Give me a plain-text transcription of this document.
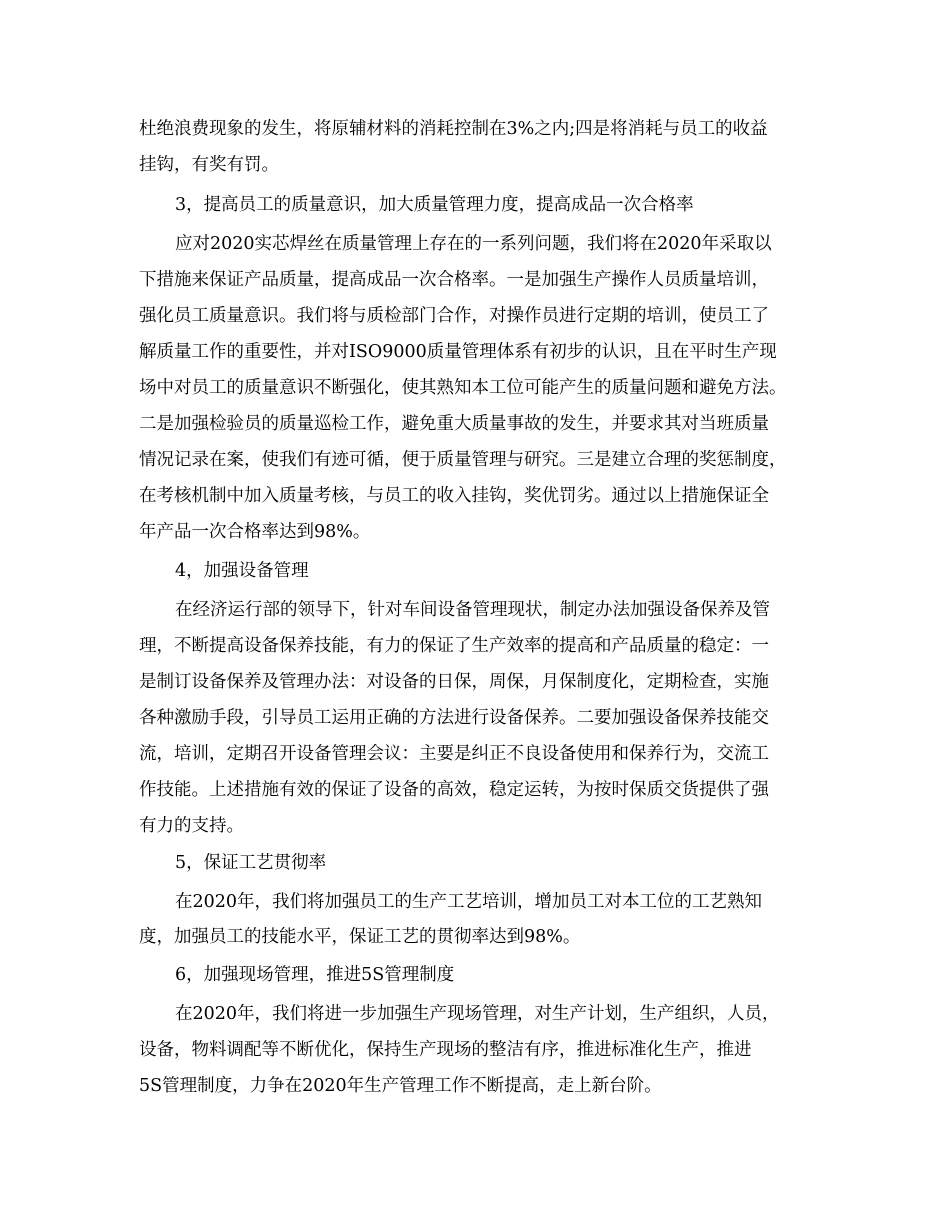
杜绝浪费现象的发生，将原辅材料的消耗控制在3%之内;四是将消耗与员工的收益
挂钩，有奖有罚。
3，提高员工的质量意识，加大质量管理力度，提高成品一次合格率
应对2020实芯焊丝在质量管理上存在的一系列问题，我们将在2020年采取以
下措施来保证产品质量，提高成品一次合格率。一是加强生产操作人员质量培训，
强化员工质量意识。我们将与质检部门合作，对操作员进行定期的培训，使员工了
解质量工作的重要性，并对ISO9000质量管理体系有初步的认识，且在平时生产现
场中对员工的质量意识不断强化，使其熟知本工位可能产生的质量问题和避免方法。
二是加强检验员的质量巡检工作，避免重大质量事故的发生，并要求其对当班质量
情况记录在案，使我们有迹可循，便于质量管理与研究。三是建立合理的奖惩制度，
在考核机制中加入质量考核，与员工的收入挂钩，奖优罚劣。通过以上措施保证全
年产品一次合格率达到98%。
4，加强设备管理
在经济运行部的领导下，针对车间设备管理现状，制定办法加强设备保养及管
理，不断提高设备保养技能，有力的保证了生产效率的提高和产品质量的稳定：一
是制订设备保养及管理办法：对设备的日保，周保，月保制度化，定期检查，实施
各种激励手段，引导员工运用正确的方法进行设备保养。二要加强设备保养技能交
流，培训，定期召开设备管理会议：主要是纠正不良设备使用和保养行为，交流工
作技能。上述措施有效的保证了设备的高效，稳定运转，为按时保质交货提供了强
有力的支持。
5，保证工艺贯彻率
在2020年，我们将加强员工的生产工艺培训，增加员工对本工位的工艺熟知
度，加强员工的技能水平，保证工艺的贯彻率达到98%。
6，加强现场管理，推进5S管理制度
在2020年，我们将进一步加强生产现场管理，对生产计划，生产组织，人员，
设备，物料调配等不断优化，保持生产现场的整洁有序，推进标准化生产，推进
5S管理制度，力争在2020年生产管理工作不断提高，走上新台阶。
